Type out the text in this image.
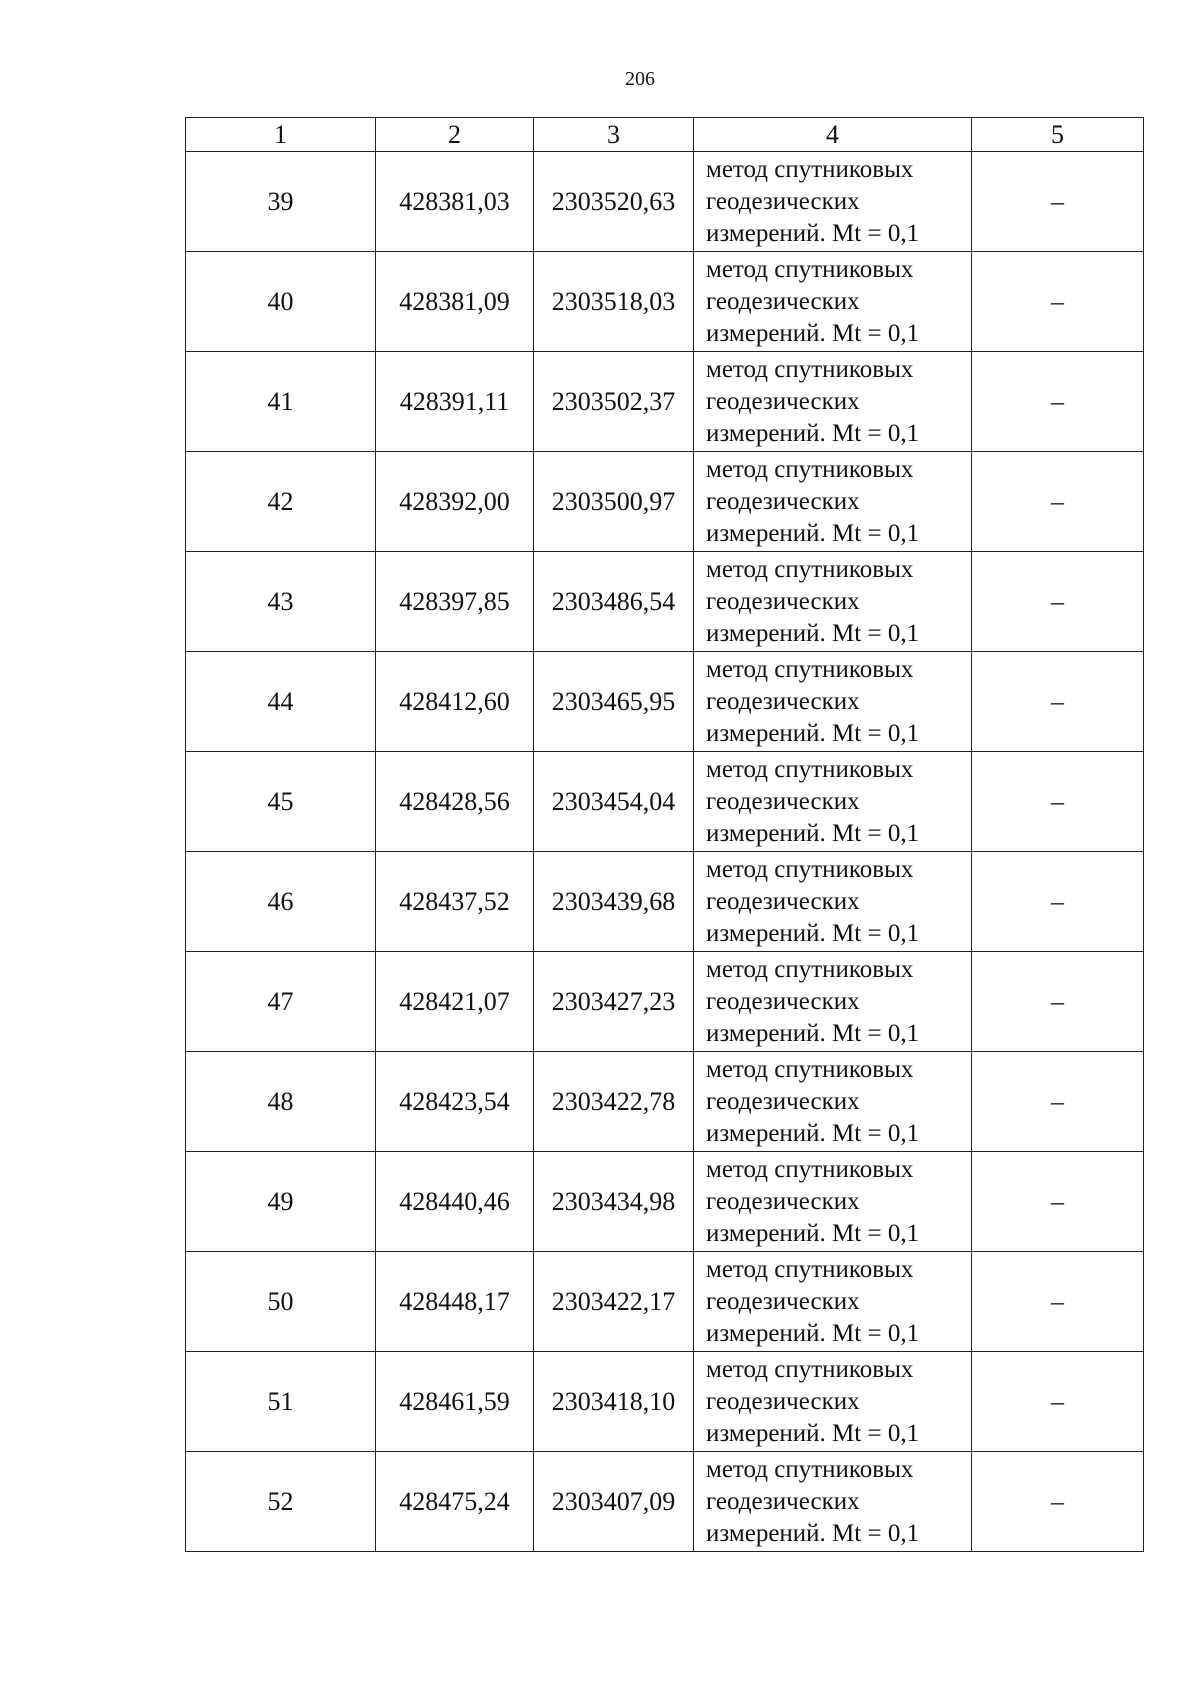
206
1	2	3	4	5
39	428381,03	2303520,63	метод спутниковых
геодезических
измерений. Mt = 0,1	–
40	428381,09	2303518,03	метод спутниковых
геодезических
измерений. Mt = 0,1	–
41	428391,11	2303502,37	метод спутниковых
геодезических
измерений. Mt = 0,1	–
42	428392,00	2303500,97	метод спутниковых
геодезических
измерений. Mt = 0,1	–
43	428397,85	2303486,54	метод спутниковых
геодезических
измерений. Mt = 0,1	–
44	428412,60	2303465,95	метод спутниковых
геодезических
измерений. Mt = 0,1	–
45	428428,56	2303454,04	метод спутниковых
геодезических
измерений. Mt = 0,1	–
46	428437,52	2303439,68	метод спутниковых
геодезических
измерений. Mt = 0,1	–
47	428421,07	2303427,23	метод спутниковых
геодезических
измерений. Mt = 0,1	–
48	428423,54	2303422,78	метод спутниковых
геодезических
измерений. Mt = 0,1	–
49	428440,46	2303434,98	метод спутниковых
геодезических
измерений. Mt = 0,1	–
50	428448,17	2303422,17	метод спутниковых
геодезических
измерений. Mt = 0,1	–
51	428461,59	2303418,10	метод спутниковых
геодезических
измерений. Mt = 0,1	–
52	428475,24	2303407,09	метод спутниковых
геодезических
измерений. Mt = 0,1	–
